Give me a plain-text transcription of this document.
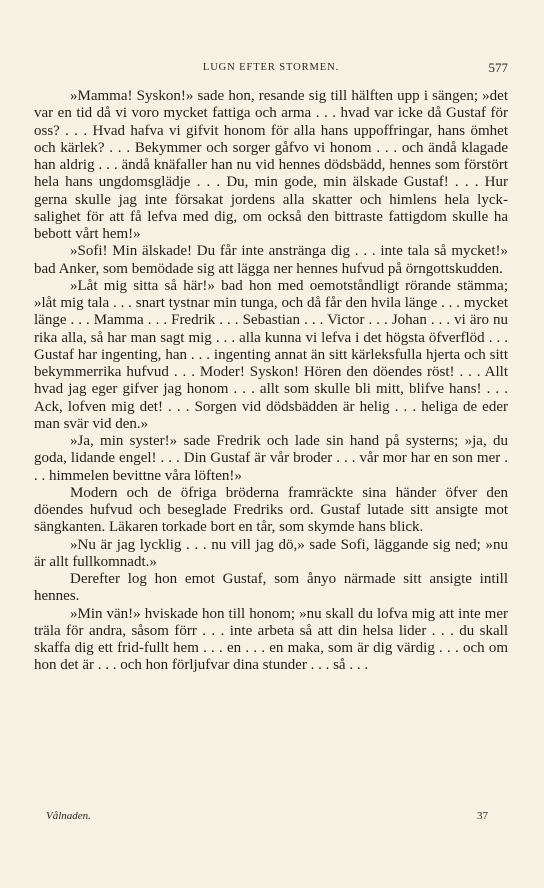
LUGN EFTER STORMEN.	577

»Mamma! Syskon!» sade hon, resande sig till hälften upp i sängen; »det var en tid då vi voro mycket fattiga och arma . . . hvad var icke då Gustaf för oss? . . . Hvad hafva vi gifvit honom för alla hans uppoffringar, hans ömhet och kärlek? . . . Bekymmer och sorger gåfvo vi honom . . . och ändå klagade han aldrig . . . ändå knäfaller han nu vid hennes dödsbädd, hennes som förstört hela hans ungdomsglädje . . . Du, min gode, min älskade Gustaf! . . . Hur gerna skulle jag inte försakat jordens alla skatter och himlens hela lyck-salighet för att få lefva med dig, om också den bittraste fattigdom skulle ha bebott vårt hem!»

»Sofi! Min älskade! Du får inte anstränga dig . . . inte tala så mycket!» bad Anker, som bemödade sig att lägga ner hennes hufvud på örngottskudden.

»Låt mig sitta så här!» bad hon med oemotståndligt rörande stämma; »låt mig tala . . . snart tystnar min tunga, och då får den hvila länge . . . mycket länge . . . Mamma . . . Fredrik . . . Sebastian . . . Victor . . . Johan . . . vi äro nu rika alla, så har man sagt mig . . . alla kunna vi lefva i det högsta öfverflöd . . . Gustaf har ingenting, han . . . ingenting annat än sitt kärleksfulla hjerta och sitt bekymmerrika hufvud . . . Moder! Syskon! Hören den döendes röst! . . . Allt hvad jag eger gifver jag honom . . . allt som skulle bli mitt, blifve hans! . . . Ack, lofven mig det! . . . Sorgen vid dödsbädden är helig . . . heliga de eder man svär vid den.»

»Ja, min syster!» sade Fredrik och lade sin hand på systerns; »ja, du goda, lidande engel! . . . Din Gustaf är vår broder . . . vår mor har en son mer . . . himmelen bevittne våra löften!»

Modern och de öfriga bröderna framräckte sina händer öfver den döendes hufvud och beseglade Fredriks ord. Gustaf lutade sitt ansigte mot sängkanten. Läkaren torkade bort en tår, som skymde hans blick.

»Nu är jag lycklig . . . nu vill jag dö,» sade Sofi, läggande sig ned; »nu är allt fullkomnadt.»

Derefter log hon emot Gustaf, som ånyo närmade sitt ansigte intill hennes.

»Min vän!» hviskade hon till honom; »nu skall du lofva mig att inte mer träla för andra, såsom förr . . . inte arbeta så att din helsa lider . . . du skall skaffa dig ett frid-fullt hem . . . en . . . en maka, som är dig värdig . . . och om hon det är . . . och hon förljufvar dina stunder . . . så . . .

Vålnaden.	37
